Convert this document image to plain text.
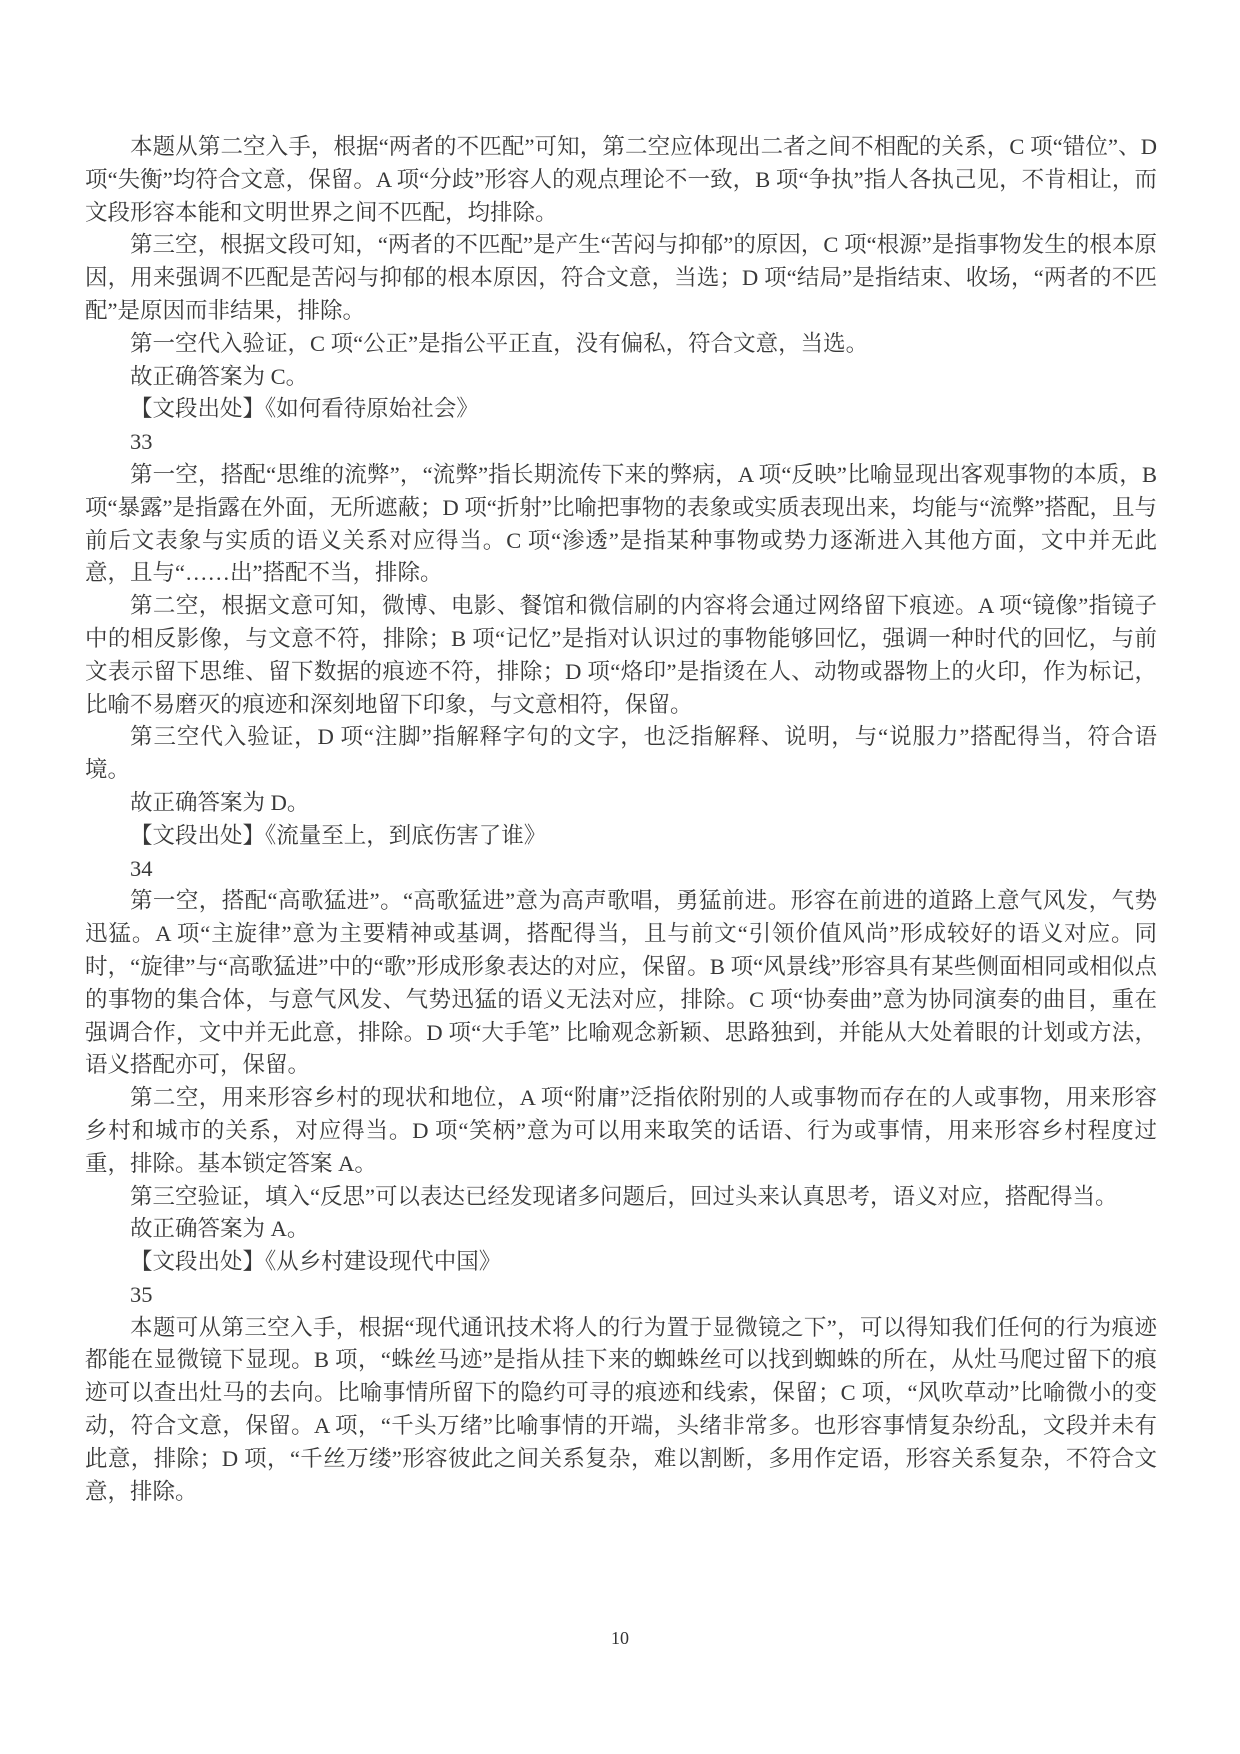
本题从第二空入手，根据“两者的不匹配”可知，第二空应体现出二者之间不相配的关系，C 项“错位”、D 项“失衡”均符合文意，保留。A 项“分歧”形容人的观点理论不一致，B 项“争执”指人各执己见，不肯相让，而文段形容本能和文明世界之间不匹配，均排除。

第三空，根据文段可知，“两者的不匹配”是产生“苦闷与抑郁”的原因，C 项“根源”是指事物发生的根本原因，用来强调不匹配是苦闷与抑郁的根本原因，符合文意，当选；D 项“结局”是指结束、收场，“两者的不匹配”是原因而非结果，排除。

第一空代入验证，C 项“公正”是指公平正直，没有偏私，符合文意，当选。

故正确答案为 C。

【文段出处】《如何看待原始社会》

33

第一空，搭配“思维的流弊”，“流弊”指长期流传下来的弊病，A 项“反映”比喻显现出客观事物的本质，B 项“暴露”是指露在外面，无所遮蔽；D 项“折射”比喻把事物的表象或实质表现出来，均能与“流弊”搭配，且与前后文表象与实质的语义关系对应得当。C 项“渗透”是指某种事物或势力逐渐进入其他方面，文中并无此意，且与“……出”搭配不当，排除。

第二空，根据文意可知，微博、电影、餐馆和微信刷的内容将会通过网络留下痕迹。A 项“镜像”指镜子中的相反影像，与文意不符，排除；B 项“记忆”是指对认识过的事物能够回忆，强调一种时代的回忆，与前文表示留下思维、留下数据的痕迹不符，排除；D 项“烙印”是指烫在人、动物或器物上的火印，作为标记，比喻不易磨灭的痕迹和深刻地留下印象，与文意相符，保留。

第三空代入验证，D 项“注脚”指解释字句的文字，也泛指解释、说明，与“说服力”搭配得当，符合语境。

故正确答案为 D。

【文段出处】《流量至上，到底伤害了谁》

34

第一空，搭配“高歌猛进”。“高歌猛进”意为高声歌唱，勇猛前进。形容在前进的道路上意气风发，气势迅猛。A 项“主旋律”意为主要精神或基调，搭配得当，且与前文“引领价值风尚”形成较好的语义对应。同时，“旋律”与“高歌猛进”中的“歌”形成形象表达的对应，保留。B 项“风景线”形容具有某些侧面相同或相似点的事物的集合体，与意气风发、气势迅猛的语义无法对应，排除。C 项“协奏曲”意为协同演奏的曲目，重在强调合作，文中并无此意，排除。D 项“大手笔” 比喻观念新颖、思路独到，并能从大处着眼的计划或方法，语义搭配亦可，保留。

第二空，用来形容乡村的现状和地位，A 项“附庸”泛指依附别的人或事物而存在的人或事物，用来形容乡村和城市的关系，对应得当。D 项“笑柄”意为可以用来取笑的话语、行为或事情，用来形容乡村程度过重，排除。基本锁定答案 A。

第三空验证，填入“反思”可以表达已经发现诸多问题后，回过头来认真思考，语义对应，搭配得当。

故正确答案为 A。

【文段出处】《从乡村建设现代中国》

35

本题可从第三空入手，根据“现代通讯技术将人的行为置于显微镜之下”，可以得知我们任何的行为痕迹都能在显微镜下显现。B 项，“蛛丝马迹”是指从挂下来的蜘蛛丝可以找到蜘蛛的所在，从灶马爬过留下的痕迹可以查出灶马的去向。比喻事情所留下的隐约可寻的痕迹和线索，保留；C 项，“风吹草动”比喻微小的变动，符合文意，保留。A 项，“千头万绪”比喻事情的开端，头绪非常多。也形容事情复杂纷乱，文段并未有此意，排除；D 项，“千丝万缕”形容彼此之间关系复杂，难以割断，多用作定语，形容关系复杂，不符合文意，排除。

10
